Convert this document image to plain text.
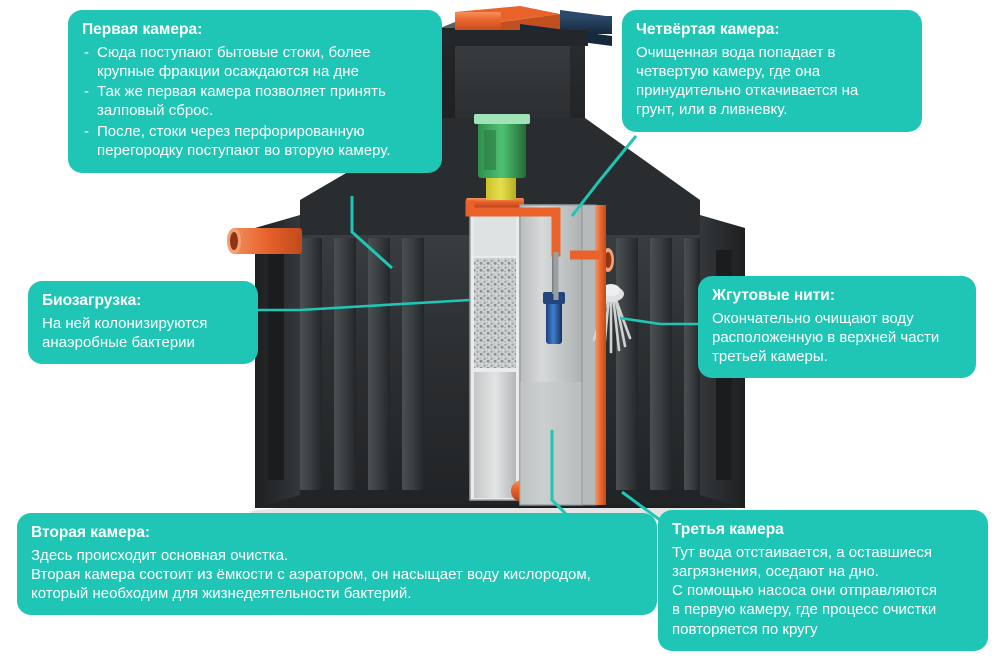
Первая камера:
- Сюда поступают бытовые стоки, более крупные фракции осаждаются на дне
- Так же первая камера позволяет принять залповый сброс.
- После, стоки через перфорированную перегородку поступают во вторую камеру.
Четвёртая камера:
Очищенная вода попадает в
четвертую камеру, где она
принудительно откачивается на
грунт, или в ливневку.
Биозагрузка:
На ней колонизируются
анаэробные бактерии
Жгутовые нити:
Окончательно очищают воду
расположенную в верхней части
третьей камеры.
Вторая камера:
Здесь происходит основная очистка.
Вторая камера состоит из ёмкости с аэратором, он насыщает воду кислородом,
который необходим для жизнедеятельности бактерий.
Третья камера
Тут вода отстаивается, а оставшиеся
загрязнения, оседают на дно.
С помощью насоса они отправляются
в первую камеру, где процесс очистки
повторяется по кругу
